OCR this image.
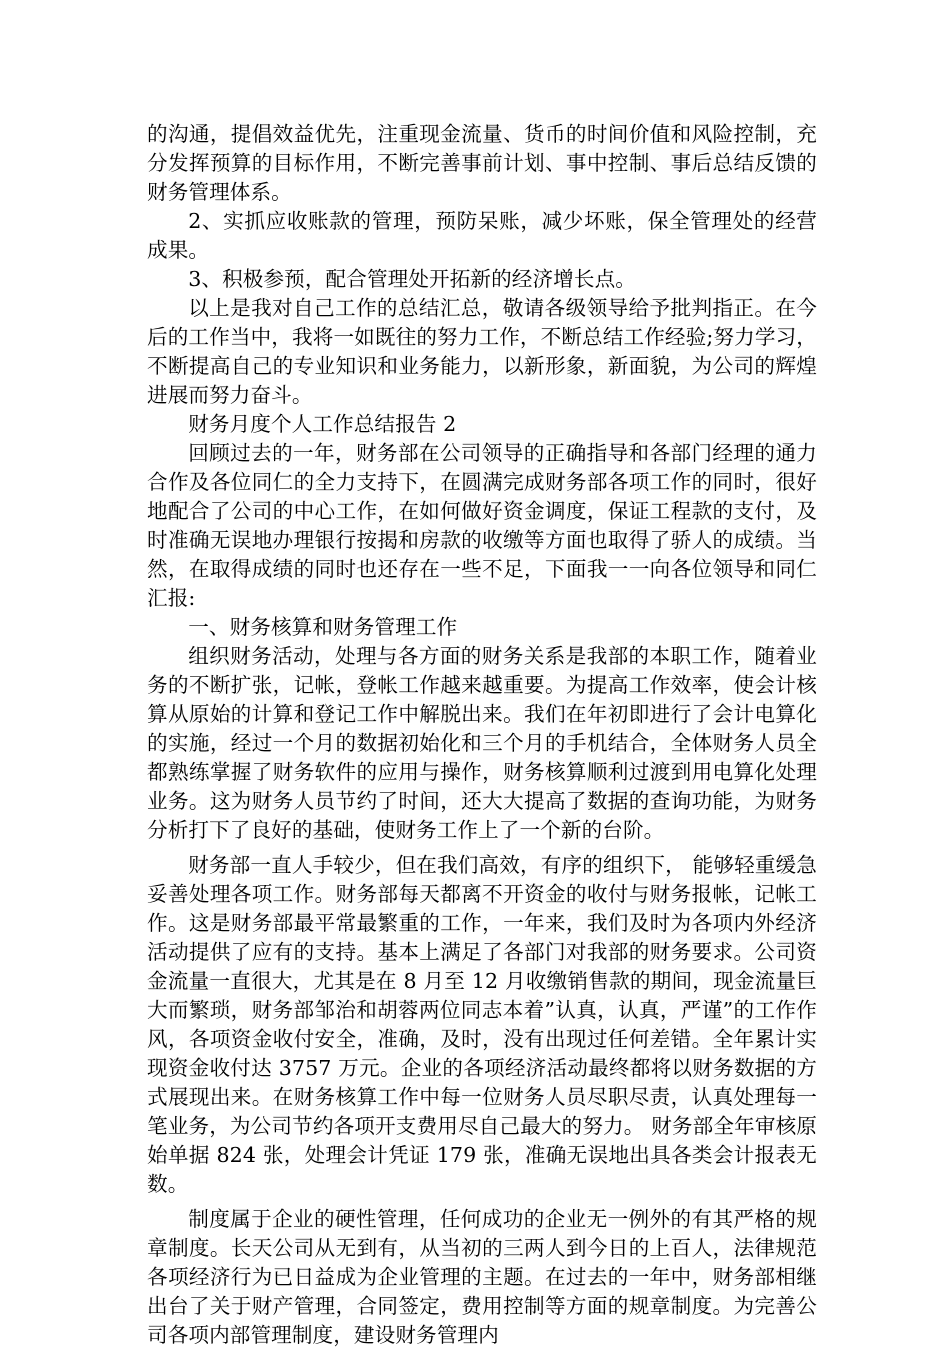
的沟通，提倡效益优先，注重现金流量、货币的时间价值和风险控制，充分发挥预算的目标作用，不断完善事前计划、事中控制、事后总结反馈的财务管理体系。

2、实抓应收账款的管理，预防呆账，减少坏账，保全管理处的经营成果。

3、积极参预，配合管理处开拓新的经济增长点。

以上是我对自己工作的总结汇总，敬请各级领导给予批判指正。在今后的工作当中，我将一如既往的努力工作，不断总结工作经验;努力学习，不断提高自己的专业知识和业务能力，以新形象，新面貌，为公司的辉煌进展而努力奋斗。

财务月度个人工作总结报告 2

回顾过去的一年，财务部在公司领导的正确指导和各部门经理的通力合作及各位同仁的全力支持下，在圆满完成财务部各项工作的同时，很好地配合了公司的中心工作，在如何做好资金调度，保证工程款的支付，及时准确无误地办理银行按揭和房款的收缴等方面也取得了骄人的成绩。当然，在取得成绩的同时也还存在一些不足，下面我一一向各位领导和同仁汇报:

一、财务核算和财务管理工作

组织财务活动，处理与各方面的财务关系是我部的本职工作，随着业务的不断扩张，记帐，登帐工作越来越重要。为提高工作效率，使会计核算从原始的计算和登记工作中解脱出来。我们在年初即进行了会计电算化的实施，经过一个月的数据初始化和三个月的手机结合，全体财务人员全都熟练掌握了财务软件的应用与操作，财务核算顺利过渡到用电算化处理业务。这为财务人员节约了时间，还大大提高了数据的查询功能，为财务分析打下了良好的基础，使财务工作上了一个新的台阶。

财务部一直人手较少，但在我们高效，有序的组织下， 能够轻重缓急妥善处理各项工作。财务部每天都离不开资金的收付与财务报帐，记帐工作。这是财务部最平常最繁重的工作，一年来，我们及时为各项内外经济活动提供了应有的支持。基本上满足了各部门对我部的财务要求。公司资金流量一直很大，尤其是在 8 月至 12 月收缴销售款的期间，现金流量巨大而繁琐，财务部邹治和胡蓉两位同志本着”认真，认真，严谨”的工作作风，各项资金收付安全，准确，及时，没有出现过任何差错。全年累计实现资金收付达 3757 万元。企业的各项经济活动最终都将以财务数据的方式展现出来。在财务核算工作中每一位财务人员尽职尽责，认真处理每一笔业务，为公司节约各项开支费用尽自己最大的努力。 财务部全年审核原始单据 824 张，处理会计凭证 179 张，准确无误地出具各类会计报表无数。

制度属于企业的硬性管理，任何成功的企业无一例外的有其严格的规章制度。长天公司从无到有，从当初的三两人到今日的上百人，法律规范各项经济行为已日益成为企业管理的主题。在过去的一年中，财务部相继出台了关于财产管理，合同签定，费用控制等方面的规章制度。为完善公司各项内部管理制度，建设财务管理内
